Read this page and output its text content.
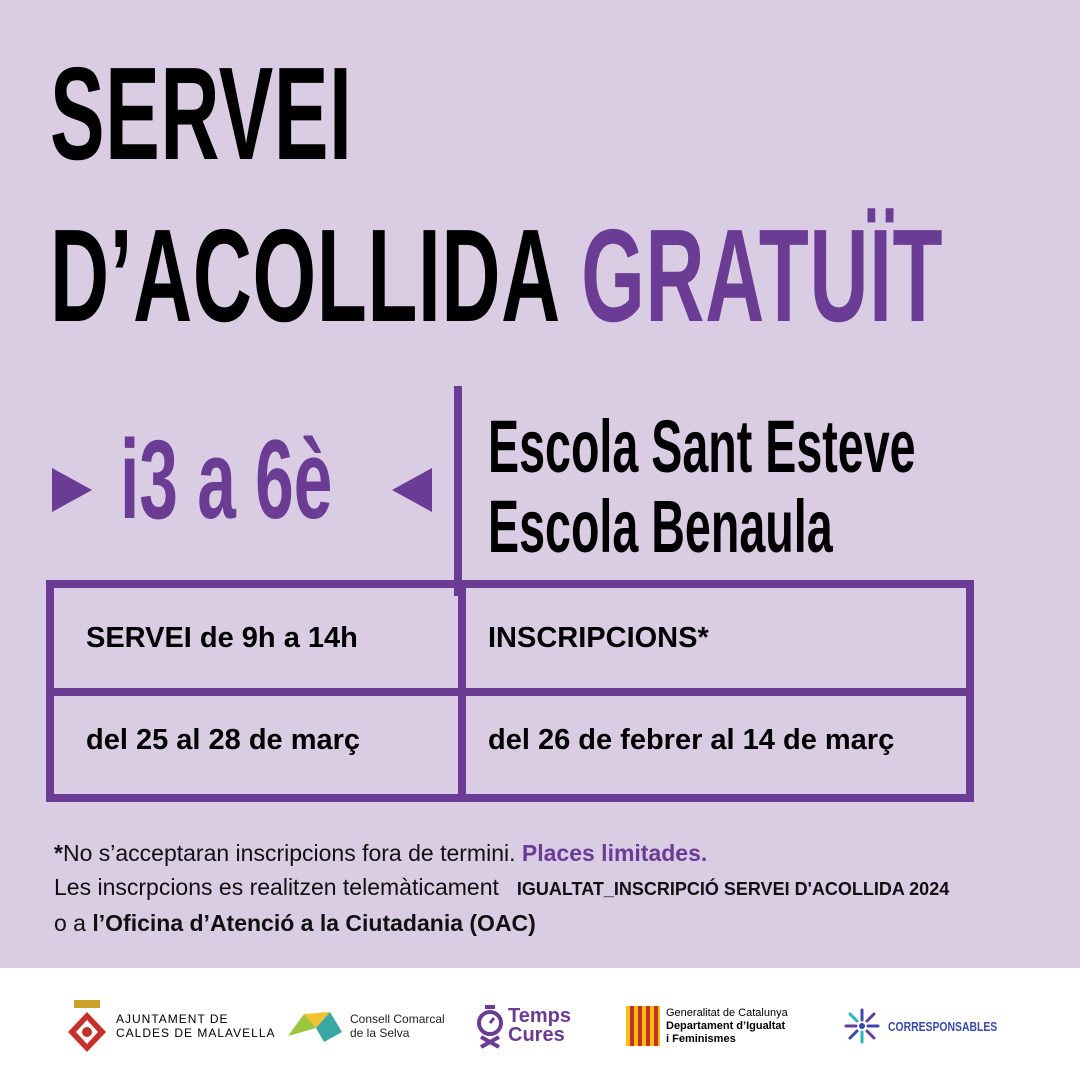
SERVEI
D’ACOLLIDA GRATUÏT
i3 a 6è Escola Sant Esteve
Escola Benaula
SERVEI de 9h a 14h	INSCRIPCIONS*
del 25 al 28 de març	del 26 de febrer al 14 de març
*No s’acceptaran inscripcions fora de termini. Places limitades.
Les inscrpcions es realitzen telemàticament IGUALTAT_INSCRIPCIÓ SERVEI D'ACOLLIDA 2024
o a l’Oficina d’Atenció a la Ciutadania (OAC)
AJUNTAMENT DE
CALDES DE MALAVELLA
Consell Comarcal
de la Selva
Temps
Cures
Generalitat de Catalunya
Departament d’Igualtat
i Feminismes
CORRESPONSABLES
